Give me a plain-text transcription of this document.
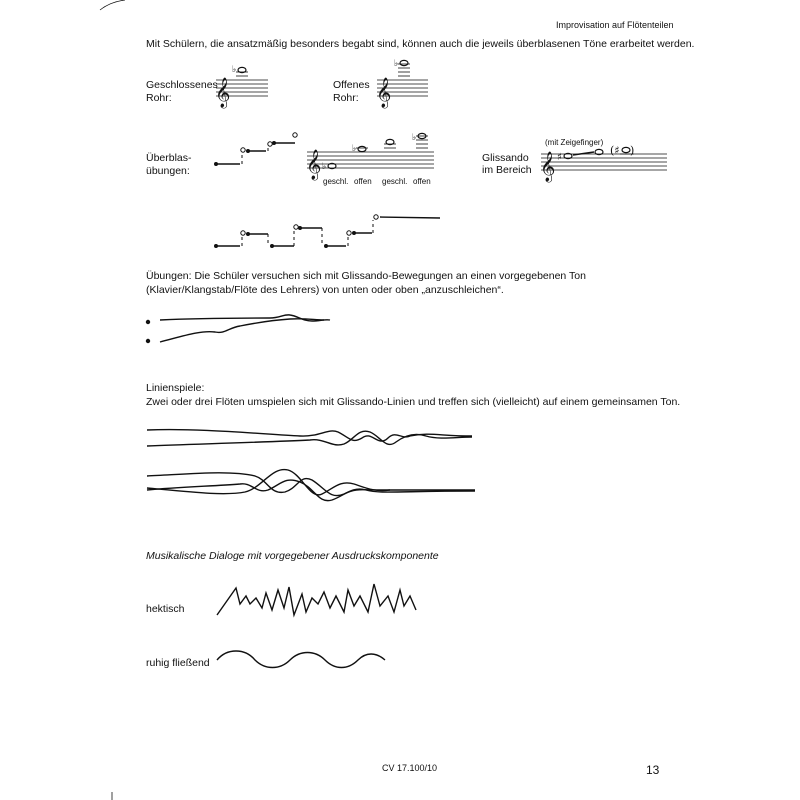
Improvisation auf Flötenteilen
Mit Schülern, die ansatzmäßig besonders begabt sind, können auch die jeweils überblasenen Töne erarbeitet werden.
Geschlossenes
Rohr:
Offenes
Rohr:
Überblas-
übungen:
geschl. offen geschl. offen
Glissando
im Bereich
(mit Zeigefinger)
Übungen: Die Schüler versuchen sich mit Glissando-Bewegungen an einen vorgegebenen Ton
(Klavier/Klangstab/Flöte des Lehrers) von unten oder oben „anzuschleichen“.
Linienspiele:
Zwei oder drei Flöten umspielen sich mit Glissando-Linien und treffen sich (vielleicht) auf einem gemeinsamen Ton.
Musikalische Dialoge mit vorgegebener Ausdruckskomponente
hektisch
ruhig fließend
CV 17.100/10	13
𝄞
♭
𝄞
♭
𝄞 ♭
♭
♭
𝄞 ♯
(♯ )
